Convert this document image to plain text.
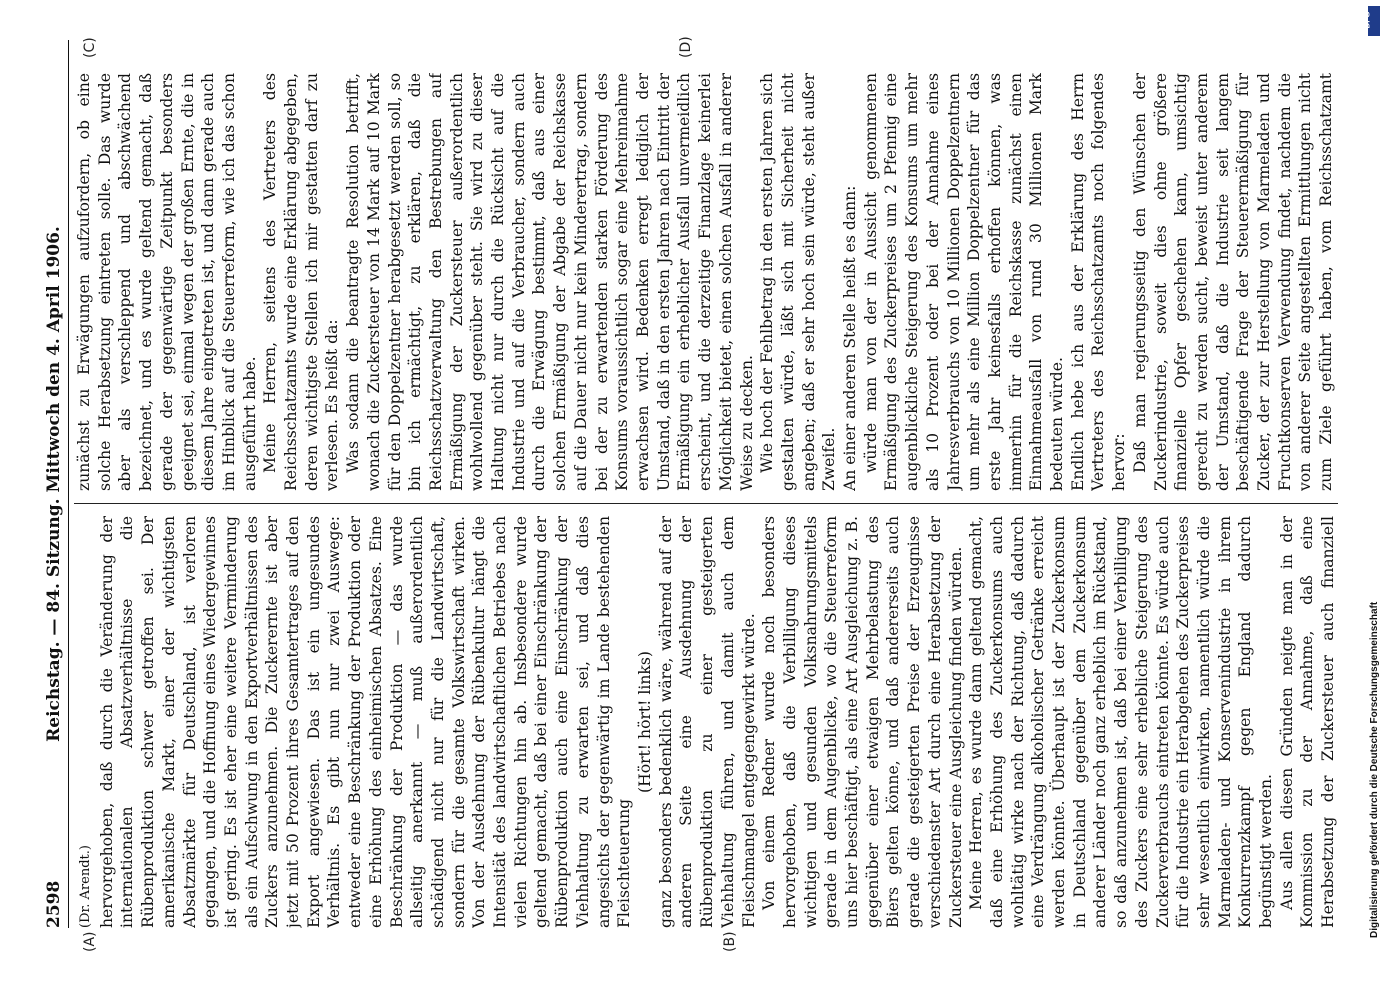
2598
Reichstag. — 84. Sitzung. Mittwoch den 4. April 1906.
(A)	(B)
(C)	(D)

(Dr. Arendt.) hervorgehoben, daß durch die Veränderung der internationalen Absatzverhältnisse die Rübenproduktion schwer getroffen sei. Der amerikanische Markt, einer der wichtigsten Absatzmärkte für Deutschland, ist verloren gegangen, und die Hoffnung eines Wiedergewinnes ist gering. Es ist eher eine weitere Verminderung als ein Aufschwung in den Exportverhältnissen des Zuckers anzunehmen. Die Zuckerernte ist aber jetzt mit 50 Prozent ihres Gesamtertrages auf den Export angewiesen. Das ist ein ungesundes Verhältnis. Es gibt nun nur zwei Auswege: entweder eine Beschränkung der Produktion oder eine Erhöhung des einheimischen Absatzes. Eine Beschränkung der Produktion — das wurde allseitig anerkannt — muß außerordentlich schädigend nicht nur für die Landwirtschaft, sondern für die gesamte Volkswirtschaft wirken. Von der Ausdehnung der Rübenkultur hängt die Intensität des landwirtschaftlichen Betriebes nach vielen Richtungen hin ab. Insbesondere wurde geltend gemacht, daß bei einer Einschränkung der Rübenproduktion auch eine Einschränkung der Viehhaltung zu erwarten sei, und daß dies angesichts der gegenwärtig im Lande bestehenden Fleischteuerung

(Hört! hört! links) ganz besonders bedenklich wäre, während auf der anderen Seite eine Ausdehnung der Rübenproduktion zu einer gesteigerten Viehhaltung führen, und damit auch dem Fleischmangel entgegengewirkt würde. Von einem Redner wurde noch besonders hervorgehoben, daß die Verbilligung dieses wichtigen und gesunden Volksnahrungsmittels gerade in dem Augenblicke, wo die Steuerreform uns hier beschäftigt, als eine Art Ausgleichung z. B. gegenüber einer etwaigen Mehrbelastung des Biers gelten könne, und daß andererseits auch gerade die gesteigerten Preise der Erzeugnisse verschiedenster Art durch eine Herabsetzung der Zuckersteuer eine Ausgleichung finden würden. Meine Herren, es wurde dann geltend gemacht, daß eine Erhöhung des Zuckerkonsums auch wohltätig wirke nach der Richtung, daß dadurch eine Verdrängung alkoholischer Getränke erreicht werden könnte. Überhaupt ist der Zuckerkonsum in Deutschland gegenüber dem Zuckerkonsum anderer Länder noch ganz erheblich im Rückstand, so daß anzunehmen ist, daß bei einer Verbilligung des Zuckers eine sehr erhebliche Steigerung des Zuckerverbrauchs eintreten könnte. Es würde auch für die Industrie ein Herabgehen des Zuckerpreises sehr wesentlich einwirken, namentlich würde die Marmeladen- und Konservenindustrie in ihrem Konkurrenzkampf gegen England dadurch begünstigt werden. Aus allen diesen Gründen neigte man in der Kommission zu der Annahme, daß eine Herabsetzung der Zuckersteuer auch finanziell

zunächst zu Erwägungen aufzufordern, ob eine solche Herabsetzung eintreten solle. Das wurde aber als verschleppend und abschwächend bezeichnet, und es wurde geltend gemacht, daß gerade der gegenwärtige Zeitpunkt besonders geeignet sei, einmal wegen der großen Ernte, die in diesem Jahre eingetreten ist, und dann gerade auch im Hinblick auf die Steuerreform, wie ich das schon ausgeführt habe. Meine Herren, seitens des Vertreters des Reichsschatzamts wurde eine Erklärung abgegeben, deren wichtigste Stellen ich mir gestatten darf zu verlesen. Es heißt da: Was sodann die beantragte Resolution betrifft, wonach die Zuckersteuer von 14 Mark auf 10 Mark für den Doppelzentner herabgesetzt werden soll, so bin ich ermächtigt, zu erklären, daß die Reichsschatzverwaltung den Bestrebungen auf Ermäßigung der Zuckersteuer außerordentlich wohlwollend gegenüber steht. Sie wird zu dieser Haltung nicht nur durch die Rücksicht auf die Industrie und auf die Verbraucher, sondern auch durch die Erwägung bestimmt, daß aus einer solchen Ermäßigung der Abgabe der Reichskasse auf die Dauer nicht nur kein Minderertrag, sondern bei der zu erwartenden starken Förderung des Konsums voraussichtlich sogar eine Mehreinnahme erwachsen wird. Bedenken erregt lediglich der Umstand, daß in den ersten Jahren nach Eintritt der Ermäßigung ein erheblicher Ausfall unvermeidlich erscheint, und die derzeitige Finanzlage keinerlei Möglichkeit bietet, einen solchen Ausfall in anderer Weise zu decken. Wie hoch der Fehlbetrag in den ersten Jahren sich gestalten würde, läßt sich mit Sicherheit nicht angeben; daß er sehr hoch sein würde, steht außer Zweifel. An einer anderen Stelle heißt es dann: würde man von der in Aussicht genommenen Ermäßigung des Zuckerpreises um 2 Pfennig eine augenblickliche Steigerung des Konsums um mehr als 10 Prozent oder bei der Annahme eines Jahresverbrauchs von 10 Millionen Doppelzentnern um mehr als eine Million Doppelzentner für das erste Jahr keinesfalls erhoffen können, was immerhin für die Reichskasse zunächst einen Einnahmeausfall von rund 30 Millionen Mark bedeuten würde. Endlich hebe ich aus der Erklärung des Herrn Vertreters des Reichsschatzamts noch folgendes hervor: Daß man regierungsseitig den Wünschen der Zuckerindustrie, soweit dies ohne größere finanzielle Opfer geschehen kann, umsichtig gerecht zu werden sucht, beweist unter anderem der Umstand, daß die Industrie seit langem beschäftigende Frage der Steuerermäßigung für Zucker, der zur Herstellung von Marmeladen und Fruchtkonserven Verwendung findet, nachdem die von anderer Seite angestellten Ermittlungen nicht zum Ziele geführt haben, vom Reichsschatzamt

DFG
Digitalisierung gefördert durch die Deutsche Forschungsgemeinschaft
